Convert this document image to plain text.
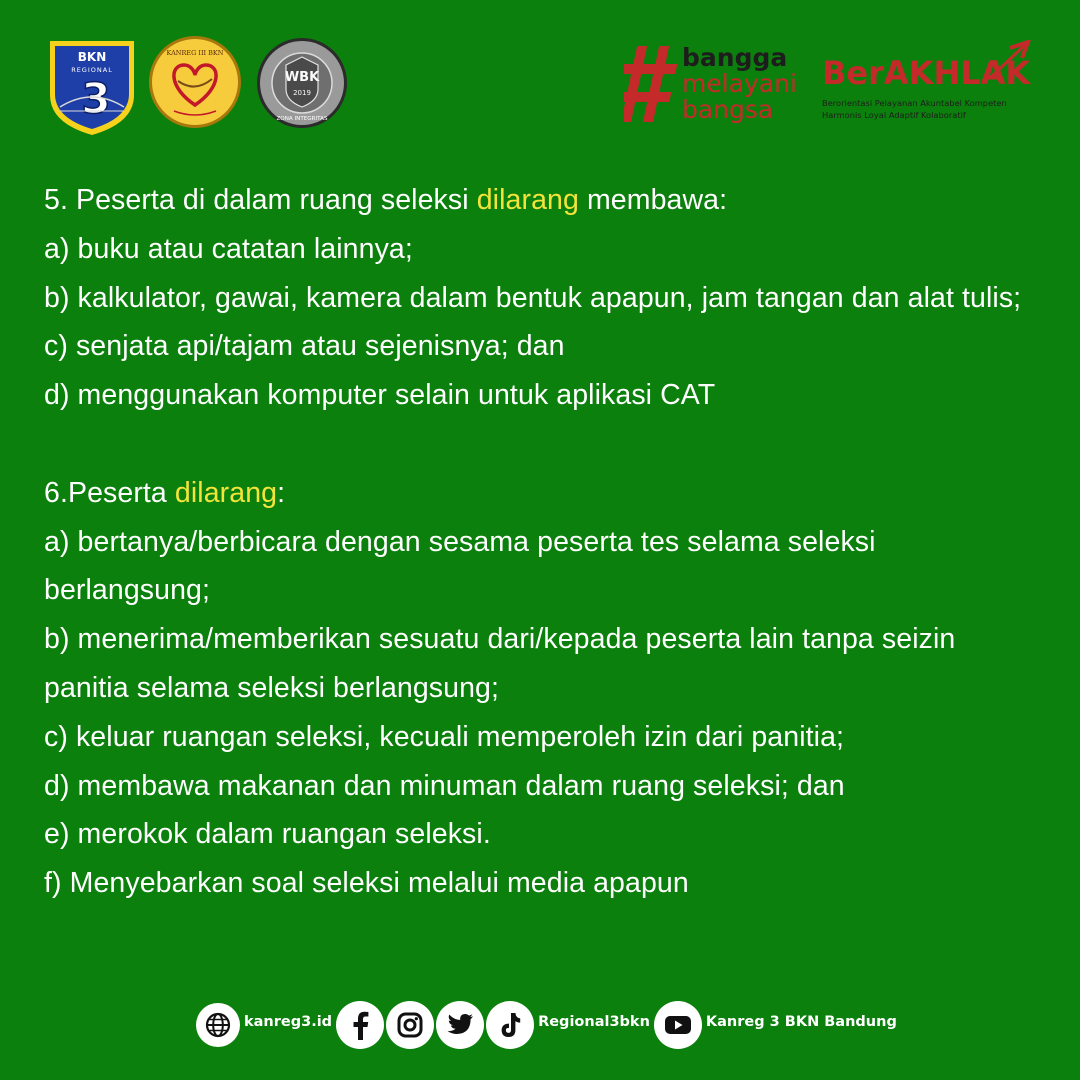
BKN
REGIONAL
3
KANREG III BKN
WBK
2019
ZONA INTEGRITAS
bangga
melayani
bangsa
BerAKHLAK
Berorientasi Pelayanan Akuntabel Kompeten
Harmonis Loyal Adaptif Kolaboratif

5. Peserta di dalam ruang seleksi dilarang membawa:

a) buku atau catatan lainnya;

b) kalkulator, gawai, kamera dalam bentuk apapun, jam tangan dan alat tulis;

c) senjata api/tajam atau sejenisnya; dan

d) menggunakan komputer selain untuk aplikasi CAT

6.Peserta dilarang:

a) bertanya/berbicara dengan sesama peserta tes selama seleksi berlangsung;

b) menerima/memberikan sesuatu dari/kepada peserta lain tanpa seizin panitia selama seleksi berlangsung;

c) keluar ruangan seleksi, kecuali memperoleh izin dari panitia;

d) membawa makanan dan minuman dalam ruang seleksi; dan

e) merokok dalam ruangan seleksi.

f) Menyebarkan soal seleksi melalui media apapun

kanreg3.id	Regional3bkn	Kanreg 3 BKN Bandung
